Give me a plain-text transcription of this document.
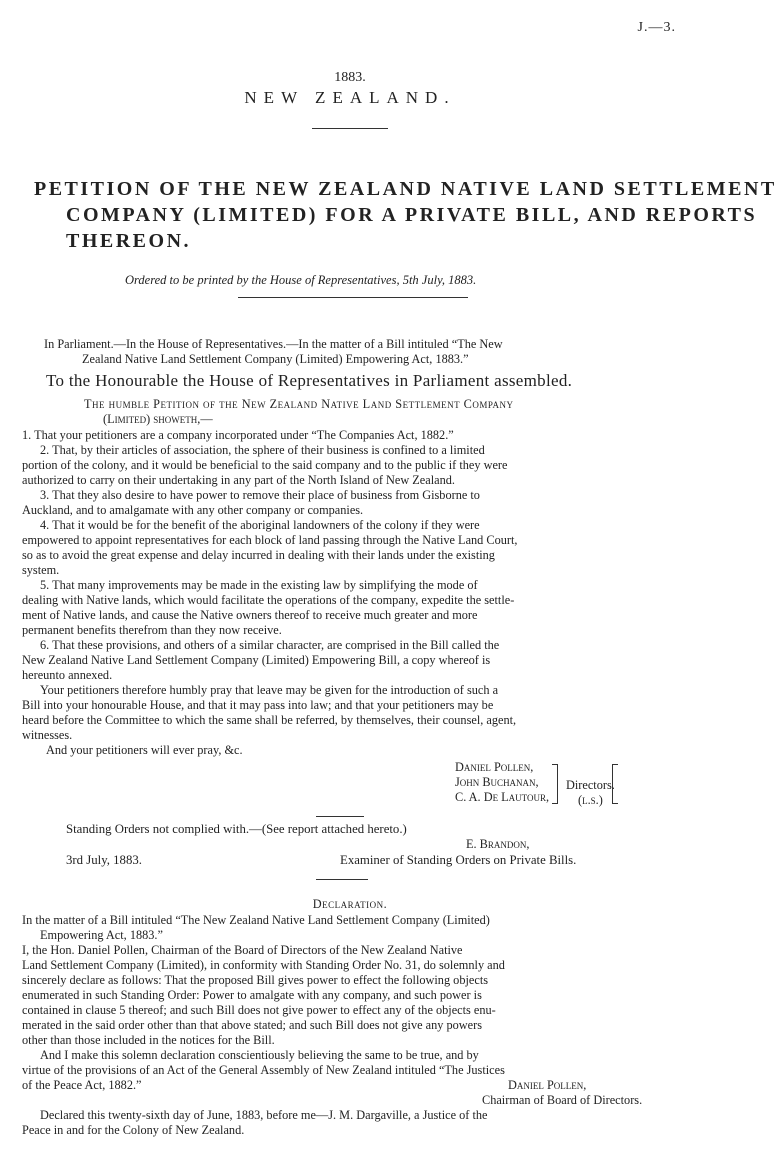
J.—3.
1883.
NEW ZEALAND.
PETITION OF THE NEW ZEALAND NATIVE LAND SETTLEMENT
COMPANY (LIMITED) FOR A PRIVATE BILL, AND REPORTS
THEREON.
Ordered to be printed by the House of Representatives, 5th July, 1883.
In Parliament.—In the House of Representatives.—In the matter of a Bill intituled “The New
Zealand Native Land Settlement Company (Limited) Empowering Act, 1883.”
To the Honourable the House of Representatives in Parliament assembled.
The humble Petition of the New Zealand Native Land Settlement Company
(Limited) showeth,—
1. That your petitioners are a company incorporated under “The Companies Act, 1882.”
2. That, by their articles of association, the sphere of their business is confined to a limited
portion of the colony, and it would be beneficial to the said company and to the public if they were
authorized to carry on their undertaking in any part of the North Island of New Zealand.
3. That they also desire to have power to remove their place of business from Gisborne to
Auckland, and to amalgamate with any other company or companies.
4. That it would be for the benefit of the aboriginal landowners of the colony if they were
empowered to appoint representatives for each block of land passing through the Native Land Court,
so as to avoid the great expense and delay incurred in dealing with their lands under the existing
system.
5. That many improvements may be made in the existing law by simplifying the mode of
dealing with Native lands, which would facilitate the operations of the company, expedite the settle-
ment of Native lands, and cause the Native owners thereof to receive much greater and more
permanent benefits therefrom than they now receive.
6. That these provisions, and others of a similar character, are comprised in the Bill called the
New Zealand Native Land Settlement Company (Limited) Empowering Bill, a copy whereof is
hereunto annexed.
Your petitioners therefore humbly pray that leave may be given for the introduction of such a
Bill into your honourable House, and that it may pass into law; and that your petitioners may be
heard before the Committee to which the same shall be referred, by themselves, their counsel, agent,
witnesses.
And your petitioners will ever pray, &c.
Daniel Pollen,
John Buchanan,
C. A. De Lautour,
Directors.
(l.s.)
Standing Orders not complied with.—(See report attached hereto.)
E. Brandon,
3rd July, 1883.	Examiner of Standing Orders on Private Bills.
Declaration.
In the matter of a Bill intituled “The New Zealand Native Land Settlement Company (Limited)
Empowering Act, 1883.”
I, the Hon. Daniel Pollen, Chairman of the Board of Directors of the New Zealand Native
Land Settlement Company (Limited), in conformity with Standing Order No. 31, do solemnly and
sincerely declare as follows: That the proposed Bill gives power to effect the following objects
enumerated in such Standing Order: Power to amalgate with any company, and such power is
contained in clause 5 thereof; and such Bill does not give power to effect any of the objects enu-
merated in the said order other than that above stated; and such Bill does not give any powers
other than those included in the notices for the Bill.
And I make this solemn declaration conscientiously believing the same to be true, and by
virtue of the provisions of an Act of the General Assembly of New Zealand intituled “The Justices
of the Peace Act, 1882.”	Daniel Pollen,
Chairman of Board of Directors.
Declared this twenty-sixth day of June, 1883, before me—J. M. Dargaville, a Justice of the
Peace in and for the Colony of New Zealand.
